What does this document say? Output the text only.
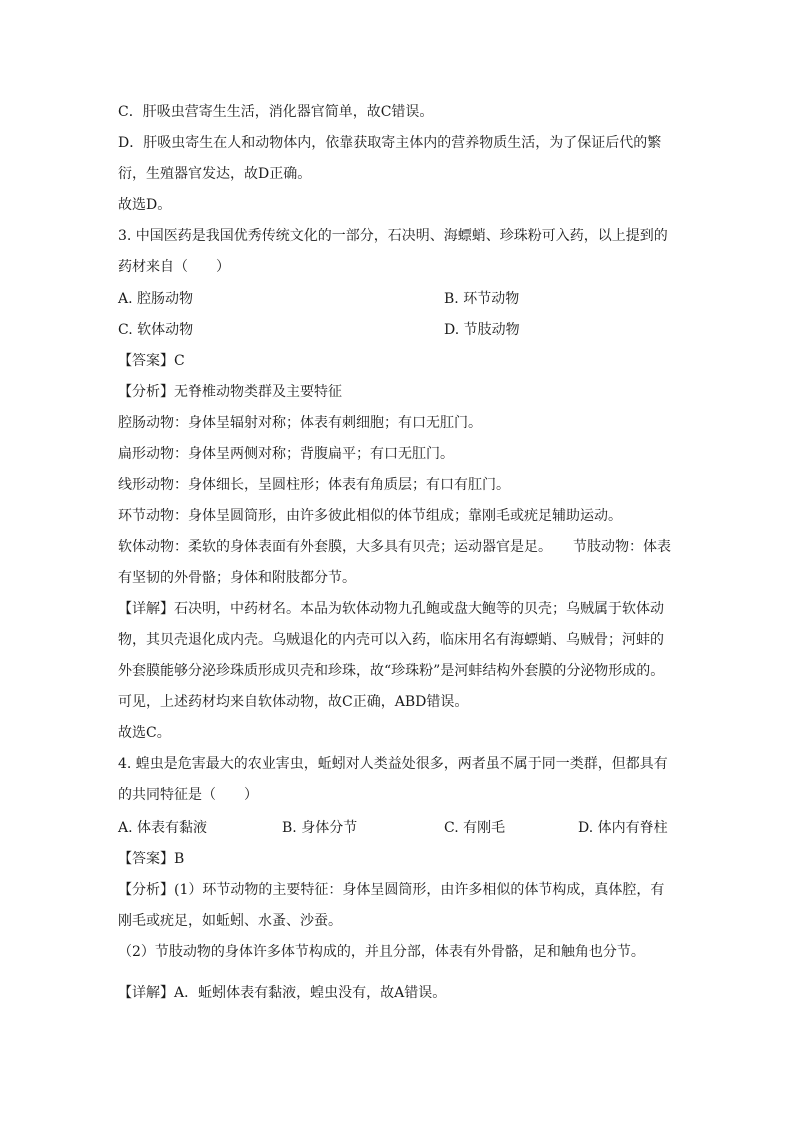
C．肝吸虫营寄生生活，消化器官简单，故C错误。
D．肝吸虫寄生在人和动物体内，依靠获取寄主体内的营养物质生活，为了保证后代的繁
衍，生殖器官发达，故D正确。
故选D。
3. 中国医药是我国优秀传统文化的一部分，石决明、海螵蛸、珍珠粉可入药，以上提到的
药材来自（　　）
A. 腔肠动物	B. 环节动物
C. 软体动物	D. 节肢动物
【答案】C
【分析】无脊椎动物类群及主要特征
腔肠动物：身体呈辐射对称；体表有刺细胞；有口无肛门。
扁形动物：身体呈两侧对称；背腹扁平；有口无肛门。
线形动物：身体细长，呈圆柱形；体表有角质层；有口有肛门。
环节动物：身体呈圆筒形，由许多彼此相似的体节组成；靠刚毛或疣足辅助运动。
软体动物：柔软的身体表面有外套膜，大多具有贝壳；运动器官是足。　　节肢动物：体表
有坚韧的外骨骼；身体和附肢都分节。
【详解】石决明，中药材名。本品为软体动物九孔鲍或盘大鲍等的贝壳；乌贼属于软体动
物，其贝壳退化成内壳。乌贼退化的内壳可以入药，临床用名有海螵蛸、乌贼骨；河蚌的
外套膜能够分泌珍珠质形成贝壳和珍珠，故“珍珠粉”是河蚌结构外套膜的分泌物形成的。
可见，上述药材均来自软体动物，故C正确，ABD错误。
故选C。
4. 蝗虫是危害最大的农业害虫，蚯蚓对人类益处很多，两者虽不属于同一类群，但都具有
的共同特征是（　　）
A. 体表有黏液	B. 身体分节	C. 有刚毛	D. 体内有脊柱
【答案】B
【分析】(1）环节动物的主要特征：身体呈圆筒形，由许多相似的体节构成，真体腔，有
刚毛或疣足，如蚯蚓、水蚤、沙蚕。
（2）节肢动物的身体许多体节构成的，并且分部，体表有外骨骼，足和触角也分节。
【详解】A．蚯蚓体表有黏液，蝗虫没有，故A错误。
